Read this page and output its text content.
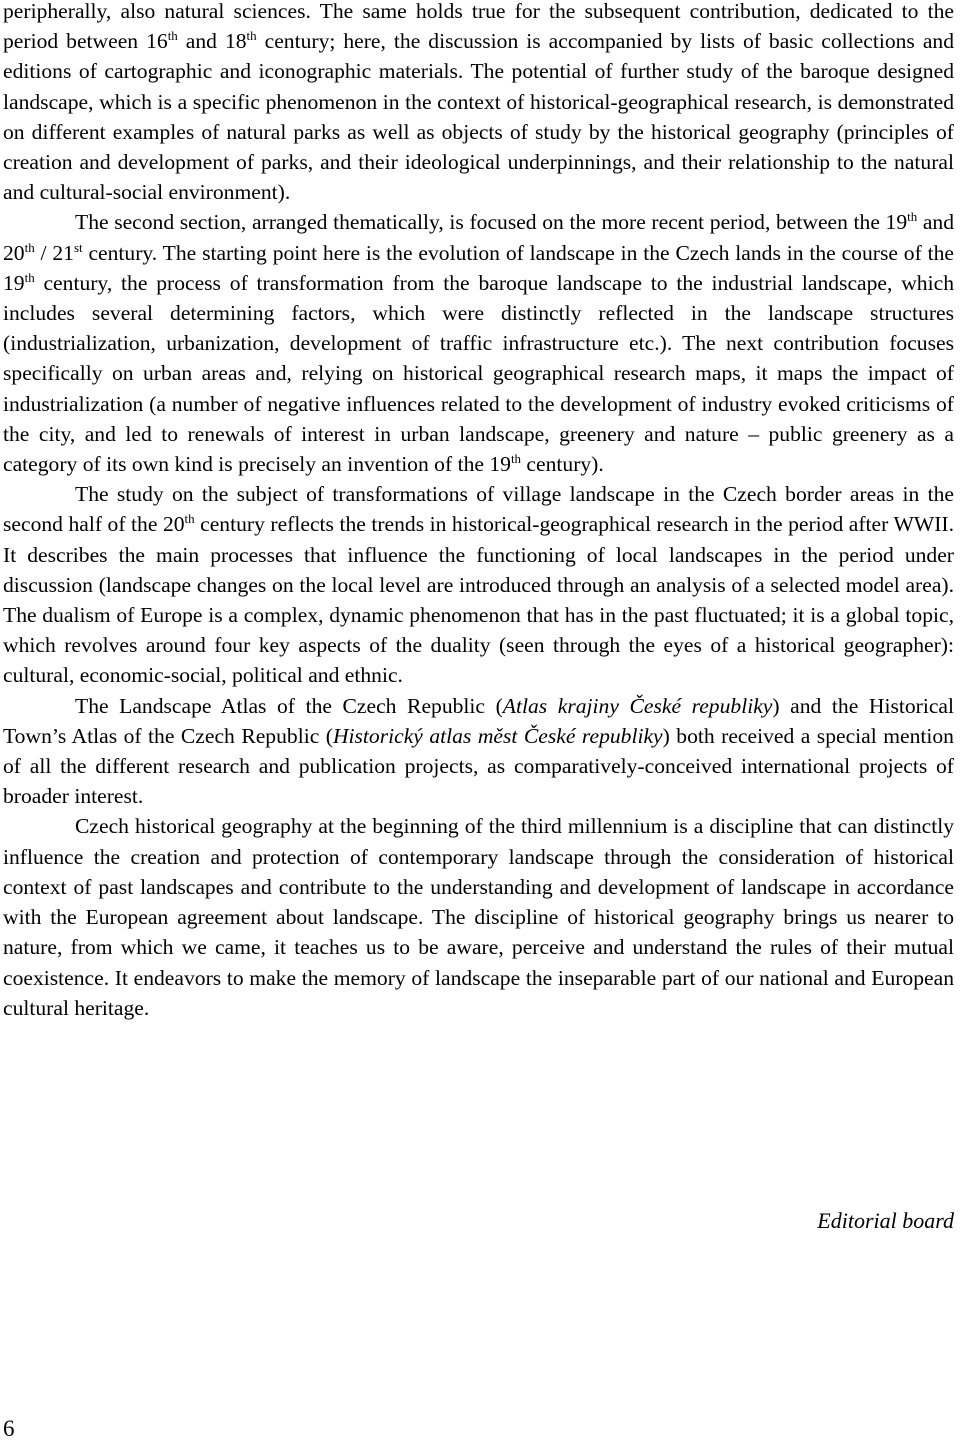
peripherally, also natural sciences. The same holds true for the subsequent contribution, dedicated to the period between 16th and 18th century; here, the discussion is accompanied by lists of basic collections and editions of cartographic and iconographic materials. The potential of further study of the baroque designed landscape, which is a specific phenomenon in the context of historical-geographical research, is demonstrated on different examples of natural parks as well as objects of study by the historical geography (principles of creation and development of parks, and their ideological underpinnings, and their relationship to the natural and cultural-social environment).

The second section, arranged thematically, is focused on the more recent period, between the 19th and 20th / 21st century. The starting point here is the evolution of landscape in the Czech lands in the course of the 19th century, the process of transformation from the baroque landscape to the industrial landscape, which includes several determining factors, which were distinctly reflected in the landscape structures (industrialization, urbanization, development of traffic infrastructure etc.). The next contribution focuses specifically on urban areas and, relying on historical geographical research maps, it maps the impact of industrialization (a number of negative influences related to the development of industry evoked criticisms of the city, and led to renewals of interest in urban landscape, greenery and nature – public greenery as a category of its own kind is precisely an invention of the 19th century).

The study on the subject of transformations of village landscape in the Czech border areas in the second half of the 20th century reflects the trends in historical-geographical research in the period after WWII. It describes the main processes that influence the functioning of local landscapes in the period under discussion (landscape changes on the local level are introduced through an analysis of a selected model area). The dualism of Europe is a complex, dynamic phenomenon that has in the past fluctuated; it is a global topic, which revolves around four key aspects of the duality (seen through the eyes of a historical geographer): cultural, economic-social, political and ethnic.

The Landscape Atlas of the Czech Republic (Atlas krajiny České republiky) and the Historical Town’s Atlas of the Czech Republic (Historický atlas měst České republiky) both received a special mention of all the different research and publication projects, as comparatively-conceived international projects of broader interest.

Czech historical geography at the beginning of the third millennium is a discipline that can distinctly influence the creation and protection of contemporary landscape through the consideration of historical context of past landscapes and contribute to the understanding and development of landscape in accordance with the European agreement about landscape. The discipline of historical geography brings us nearer to nature, from which we came, it teaches us to be aware, perceive and understand the rules of their mutual coexistence. It endeavors to make the memory of landscape the inseparable part of our national and European cultural heritage.

Editorial board

6
